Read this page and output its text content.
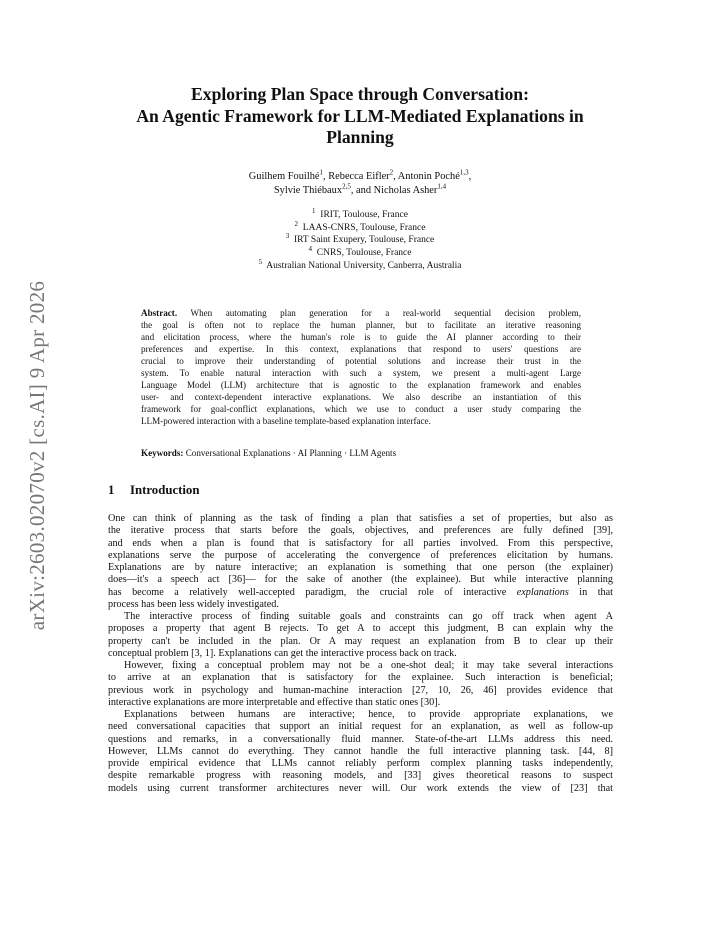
arXiv:2603.02070v2 [cs.AI] 9 Apr 2026
Exploring Plan Space through Conversation:
An Agentic Framework for LLM-Mediated Explanations in
Planning
Guilhem Fouilhé$^1$, Rebecca Eifler$^2$, Antonin Poché$^{1,3}$,
Sylvie Thiébaux$^{2,5}$, and Nicholas Asher$^{1,4}$
$^1$ IRIT, Toulouse, France
$^2$ LAAS-CNRS, Toulouse, France
$^3$ IRT Saint Exupery, Toulouse, France
$^4$ CNRS, Toulouse, France
$^5$ Australian National University, Canberra, Australia
Abstract. When automating plan generation for a real-world sequential decision problem,
the goal is often not to replace the human planner, but to facilitate an iterative reasoning
and elicitation process, where the human's role is to guide the AI planner according to their
preferences and expertise. In this context, explanations that respond to users' questions are
crucial to improve their understanding of potential solutions and increase their trust in the
system. To enable natural interaction with such a system, we present a multi-agent Large
Language Model (LLM) architecture that is agnostic to the explanation framework and enables
user- and context-dependent interactive explanations. We also describe an instantiation of this
framework for goal-conflict explanations, which we use to conduct a user study comparing the
LLM-powered interaction with a baseline template-based explanation interface.
Keywords: Conversational Explanations · AI Planning · LLM Agents
1 Introduction
One can think of planning as the task of finding a plan that satisfies a set of properties, but also as
the iterative process that starts before the goals, objectives, and preferences are fully defined [39],
and ends when a plan is found that is satisfactory for all parties involved. From this perspective,
explanations serve the purpose of accelerating the convergence of preferences elicitation by humans.
Explanations are by nature interactive; an explanation is something that one person (the explainer)
does—it's a speech act [36]— for the sake of another (the explainee). But while interactive planning
has become a relatively well-accepted paradigm, the crucial role of interactive explanations in that
process has been less widely investigated.
The interactive process of finding suitable goals and constraints can go off track when agent A
proposes a property that agent B rejects. To get A to accept this judgment, B can explain why the
property can't be included in the plan. Or A may request an explanation from B to clear up their
conceptual problem [3, 1]. Explanations can get the interactive process back on track.
However, fixing a conceptual problem may not be a one-shot deal; it may take several interactions
to arrive at an explanation that is satisfactory for the explainee. Such interaction is beneficial;
previous work in psychology and human-machine interaction [27, 10, 26, 46] provides evidence that
interactive explanations are more interpretable and effective than static ones [30].
Explanations between humans are interactive; hence, to provide appropriate explanations, we
need conversational capacities that support an initial request for an explanation, as well as follow-up
questions and remarks, in a conversationally fluid manner. State-of-the-art LLMs address this need.
However, LLMs cannot do everything. They cannot handle the full interactive planning task. [44, 8]
provide empirical evidence that LLMs cannot reliably perform complex planning tasks independently,
despite remarkable progress with reasoning models, and [33] gives theoretical reasons to suspect
models using current transformer architectures never will. Our work extends the view of [23] that
